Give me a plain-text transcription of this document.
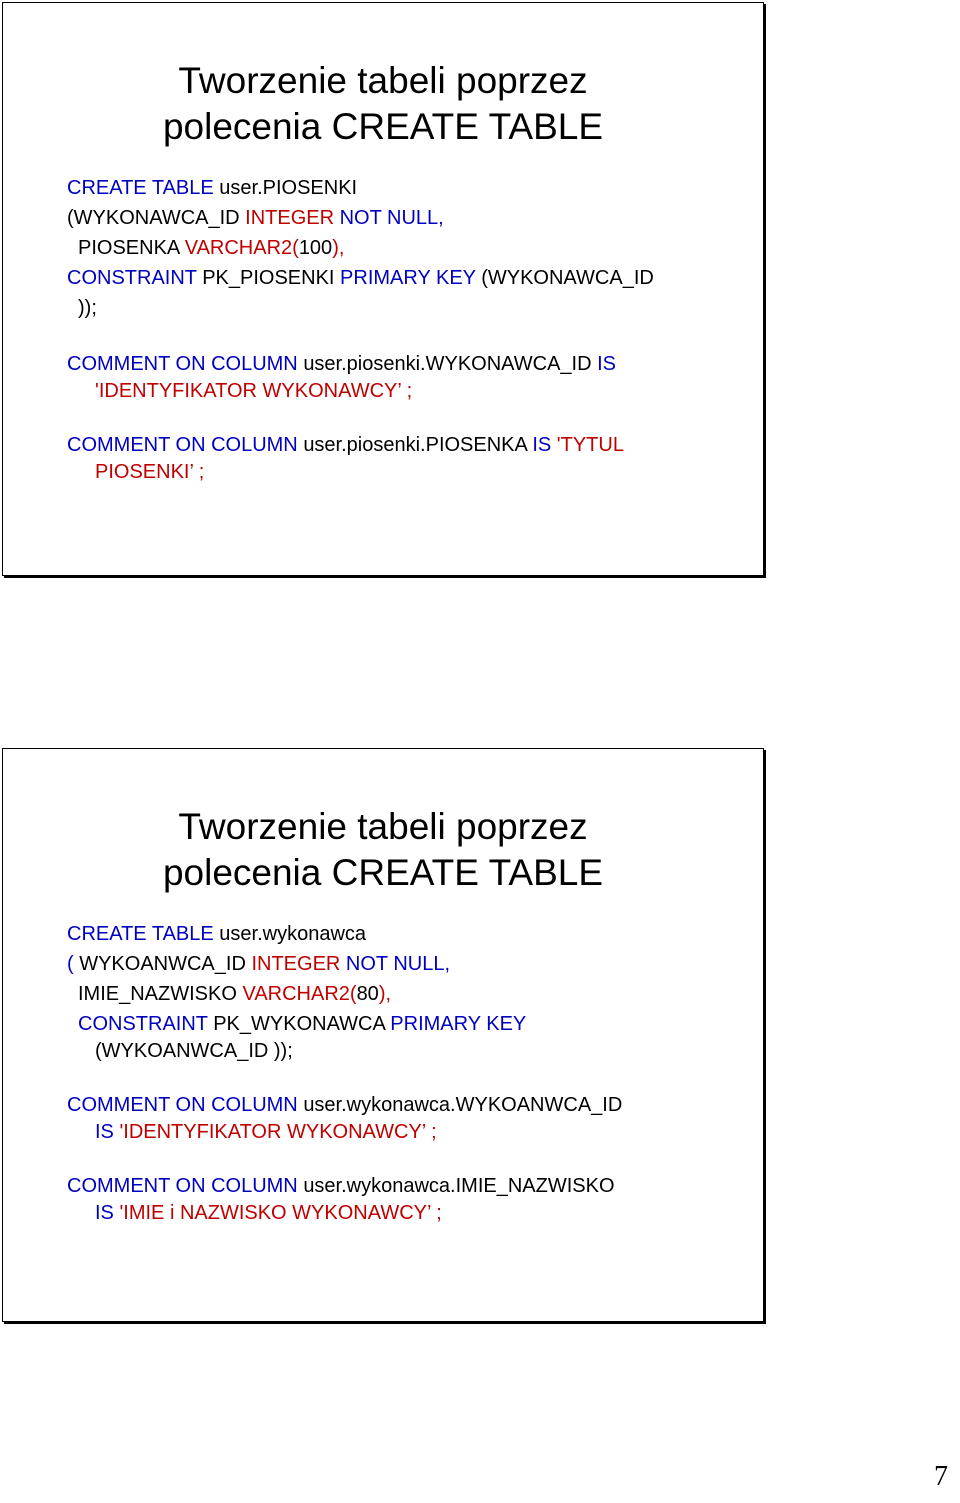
Tworzenie tabeli poprzez
polecenia CREATE TABLE
CREATE TABLE user.PIOSENKI
(WYKONAWCA_ID INTEGER NOT NULL,
PIOSENKA VARCHAR2(100),
CONSTRAINT PK_PIOSENKI PRIMARY KEY (WYKONAWCA_ID
));
COMMENT ON COLUMN user.piosenki.WYKONAWCA_ID IS
'IDENTYFIKATOR WYKONAWCY’ ;
COMMENT ON COLUMN user.piosenki.PIOSENKA IS 'TYTUL
PIOSENKI’ ;
Tworzenie tabeli poprzez
polecenia CREATE TABLE
CREATE TABLE user.wykonawca
( WYKOANWCA_ID INTEGER NOT NULL,
IMIE_NAZWISKO VARCHAR2(80),
CONSTRAINT PK_WYKONAWCA PRIMARY KEY
(WYKOANWCA_ID ));
COMMENT ON COLUMN user.wykonawca.WYKOANWCA_ID
IS 'IDENTYFIKATOR WYKONAWCY’ ;
COMMENT ON COLUMN user.wykonawca.IMIE_NAZWISKO
IS 'IMIE i NAZWISKO WYKONAWCY’ ;
7
